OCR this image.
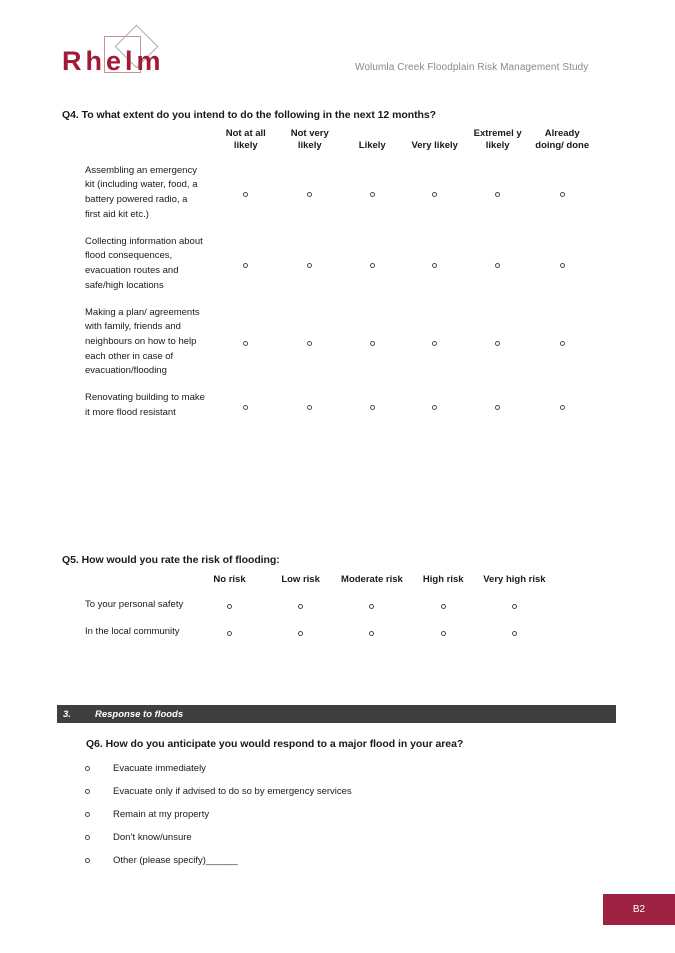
Rhelm	Wolumla Creek Floodplain Risk Management Study
Q4. To what extent do you intend to do the following in the next 12 months?
	Not at all likely	Not very likely	Likely	Very likely	Extremel y likely	Already doing/ done
Assembling an emergency kit (including water, food, a battery powered radio, a first aid kit etc.)						
Collecting information about flood consequences, evacuation routes and safe/high locations						
Making a plan/ agreements with family, friends and neighbours on how to help each other in case of evacuation/flooding						
Renovating building to make it more flood resistant						
Q5. How would you rate the risk of flooding:
	No risk	Low risk	Moderate risk	High risk	Very high risk
To your personal safety					
In the local community					
3.	Response to floods
Q6. How do you anticipate you would respond to a major flood in your area?
Evacuate immediately
Evacuate only if advised to do so by emergency services
Remain at my property
Don’t know/unsure
Other (please specify)______
B2
